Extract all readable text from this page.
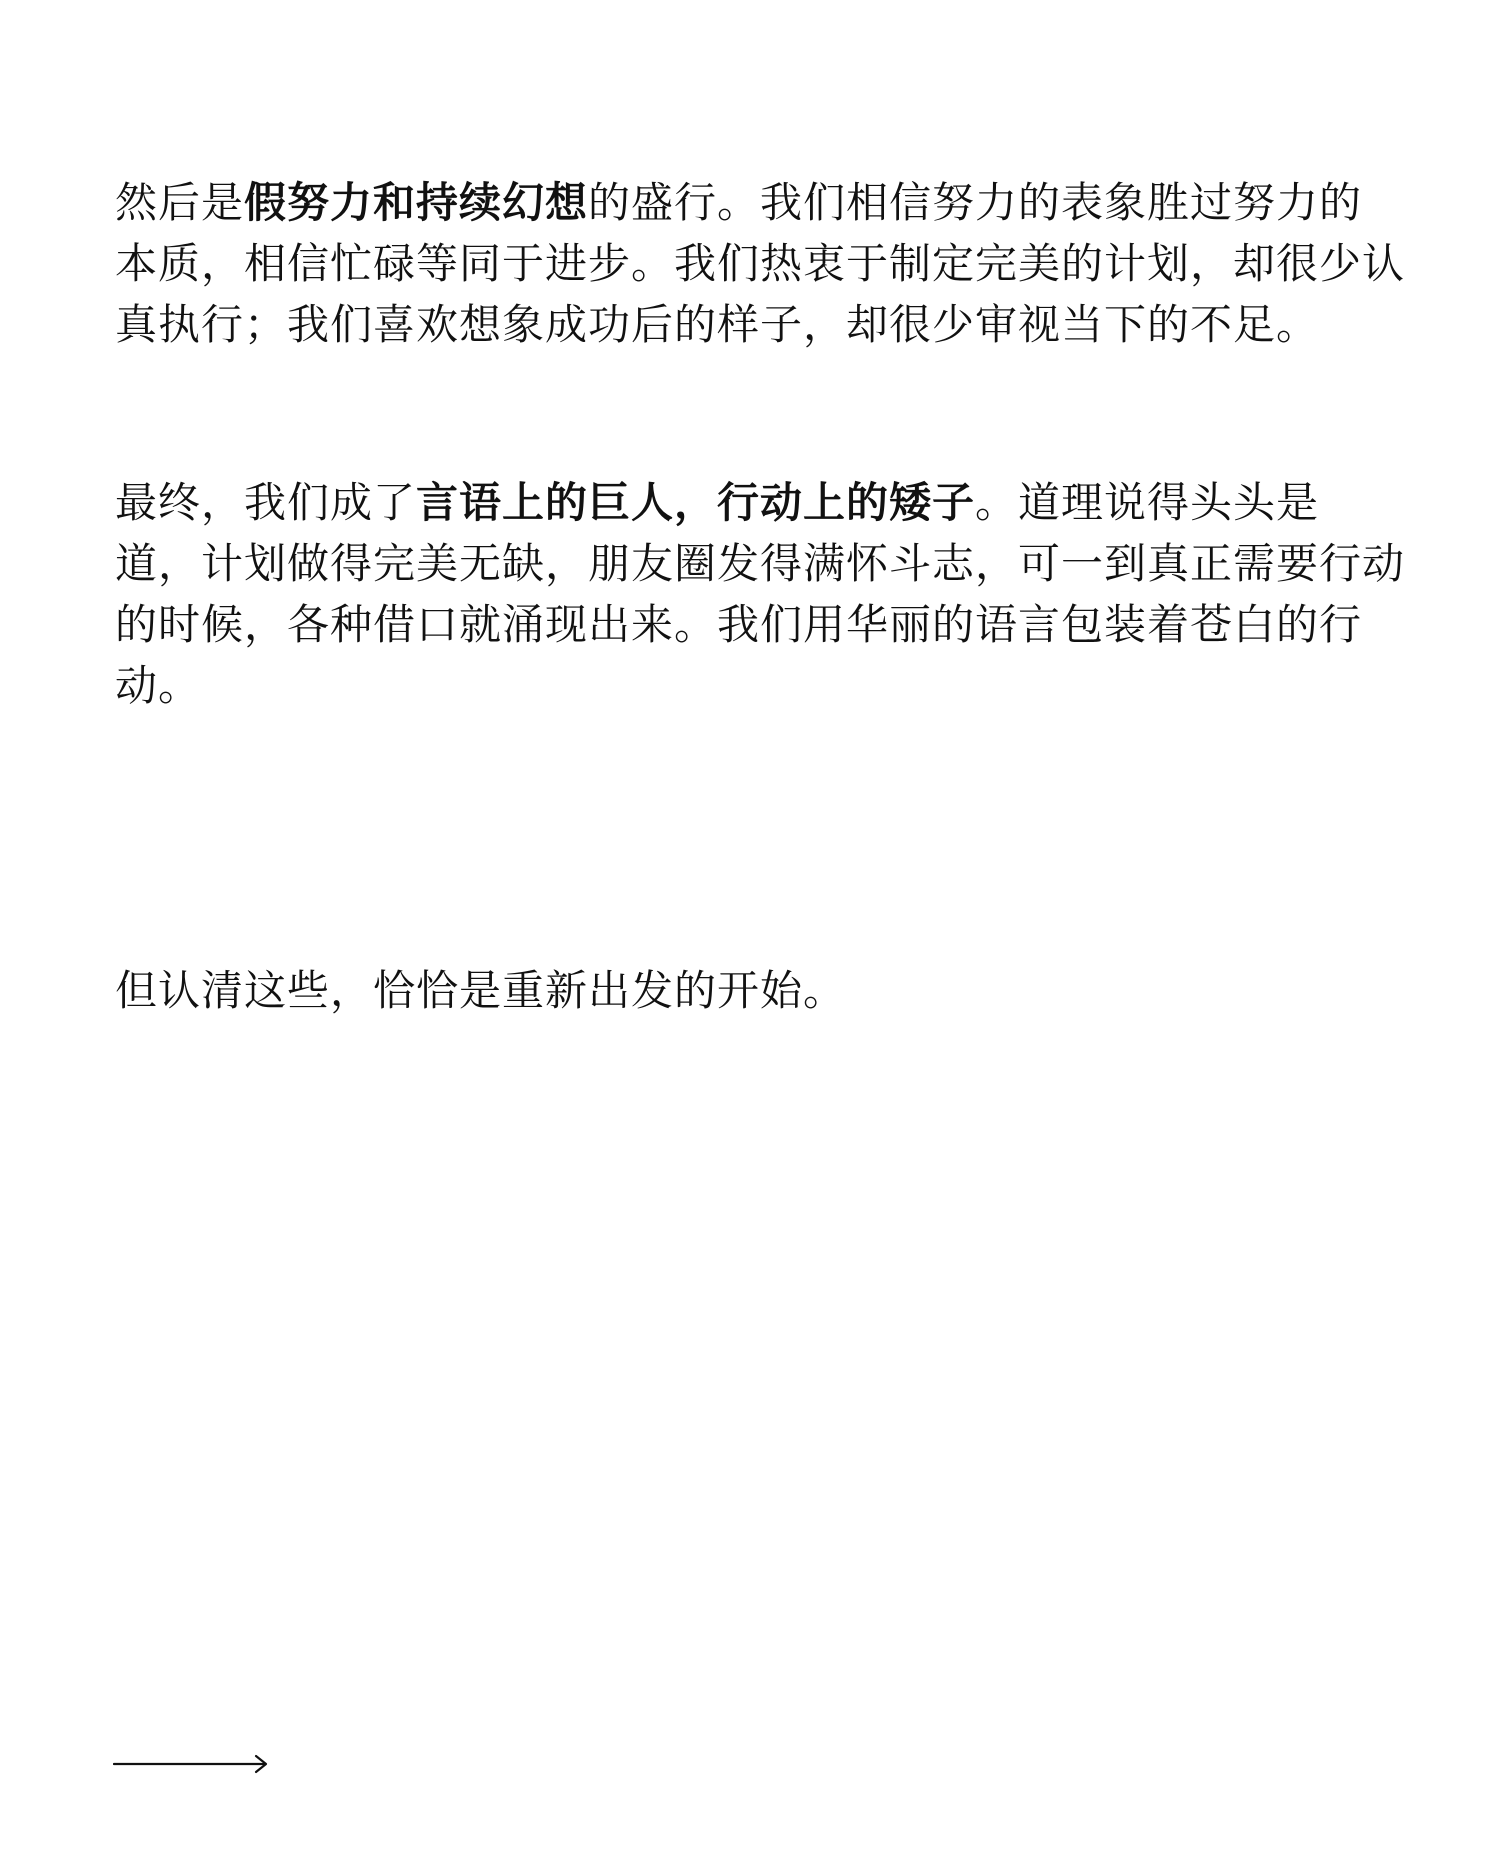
然后是假努力和持续幻想的盛行。我们相信努力的表象胜过努力的本质，相信忙碌等同于进步。我们热衷于制定完美的计划，却很少认真执行；我们喜欢想象成功后的样子，却很少审视当下的不足。

最终，我们成了言语上的巨人，行动上的矮子。道理说得头头是道，计划做得完美无缺，朋友圈发得满怀斗志，可一到真正需要行动的时候，各种借口就涌现出来。我们用华丽的语言包装着苍白的行动。

但认清这些，恰恰是重新出发的开始。
